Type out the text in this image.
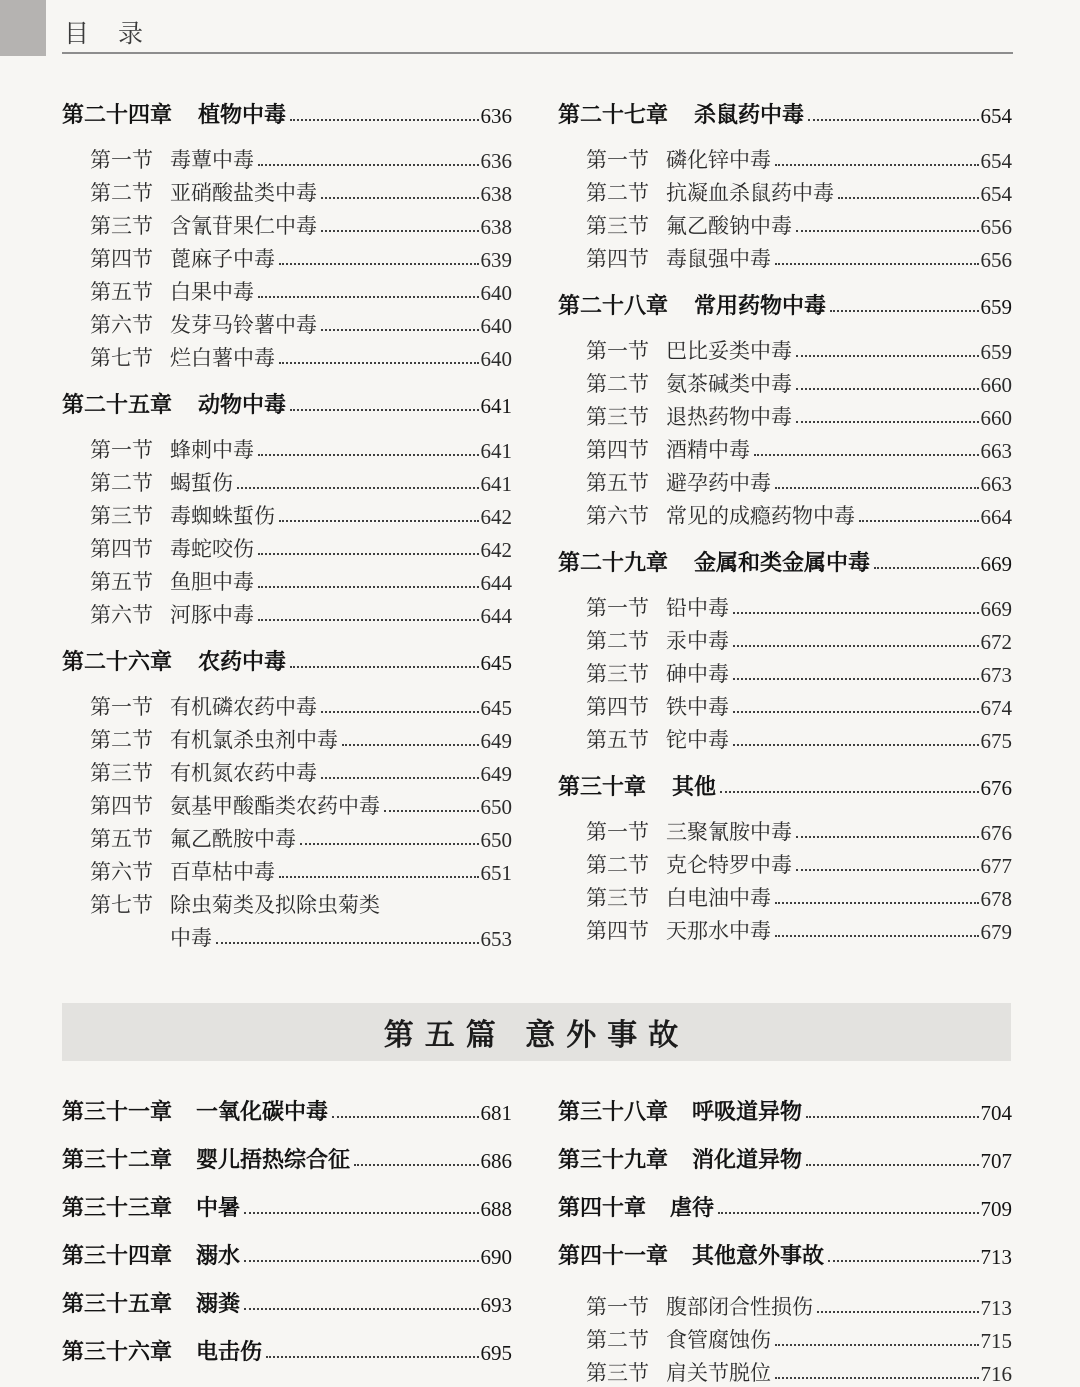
目　录
第二十四章 植物中毒	636
第一节 毒蕈中毒	636
第二节 亚硝酸盐类中毒	638
第三节 含氰苷果仁中毒	638
第四节 蓖麻子中毒	639
第五节 白果中毒	640
第六节 发芽马铃薯中毒	640
第七节 烂白薯中毒	640
第二十五章 动物中毒	641
第一节 蜂刺中毒	641
第二节 蝎蜇伤	641
第三节 毒蜘蛛蜇伤	642
第四节 毒蛇咬伤	642
第五节 鱼胆中毒	644
第六节 河豚中毒	644
第二十六章 农药中毒	645
第一节 有机磷农药中毒	645
第二节 有机氯杀虫剂中毒	649
第三节 有机氮农药中毒	649
第四节 氨基甲酸酯类农药中毒	650
第五节 氟乙酰胺中毒	650
第六节 百草枯中毒	651
第七节 除虫菊类及拟除虫菊类
中毒	653
第二十七章 杀鼠药中毒	654
第一节 磷化锌中毒	654
第二节 抗凝血杀鼠药中毒	654
第三节 氟乙酸钠中毒	656
第四节 毒鼠强中毒	656
第二十八章 常用药物中毒	659
第一节 巴比妥类中毒	659
第二节 氨茶碱类中毒	660
第三节 退热药物中毒	660
第四节 酒精中毒	663
第五节 避孕药中毒	663
第六节 常见的成瘾药物中毒	664
第二十九章 金属和类金属中毒	669
第一节 铅中毒	669
第二节 汞中毒	672
第三节 砷中毒	673
第四节 铁中毒	674
第五节 铊中毒	675
第三十章 其他	676
第一节 三聚氰胺中毒	676
第二节 克仑特罗中毒	677
第三节 白电油中毒	678
第四节 天那水中毒	679
第五篇 意外事故
第三十一章 一氧化碳中毒	681
第三十二章 婴儿捂热综合征	686
第三十三章 中暑	688
第三十四章 溺水	690
第三十五章 溺粪	693
第三十六章 电击伤	695
第三十八章 呼吸道异物	704
第三十九章 消化道异物	707
第四十章 虐待	709
第四十一章 其他意外事故	713
第一节 腹部闭合性损伤	713
第二节 食管腐蚀伤	715
第三节 肩关节脱位	716
